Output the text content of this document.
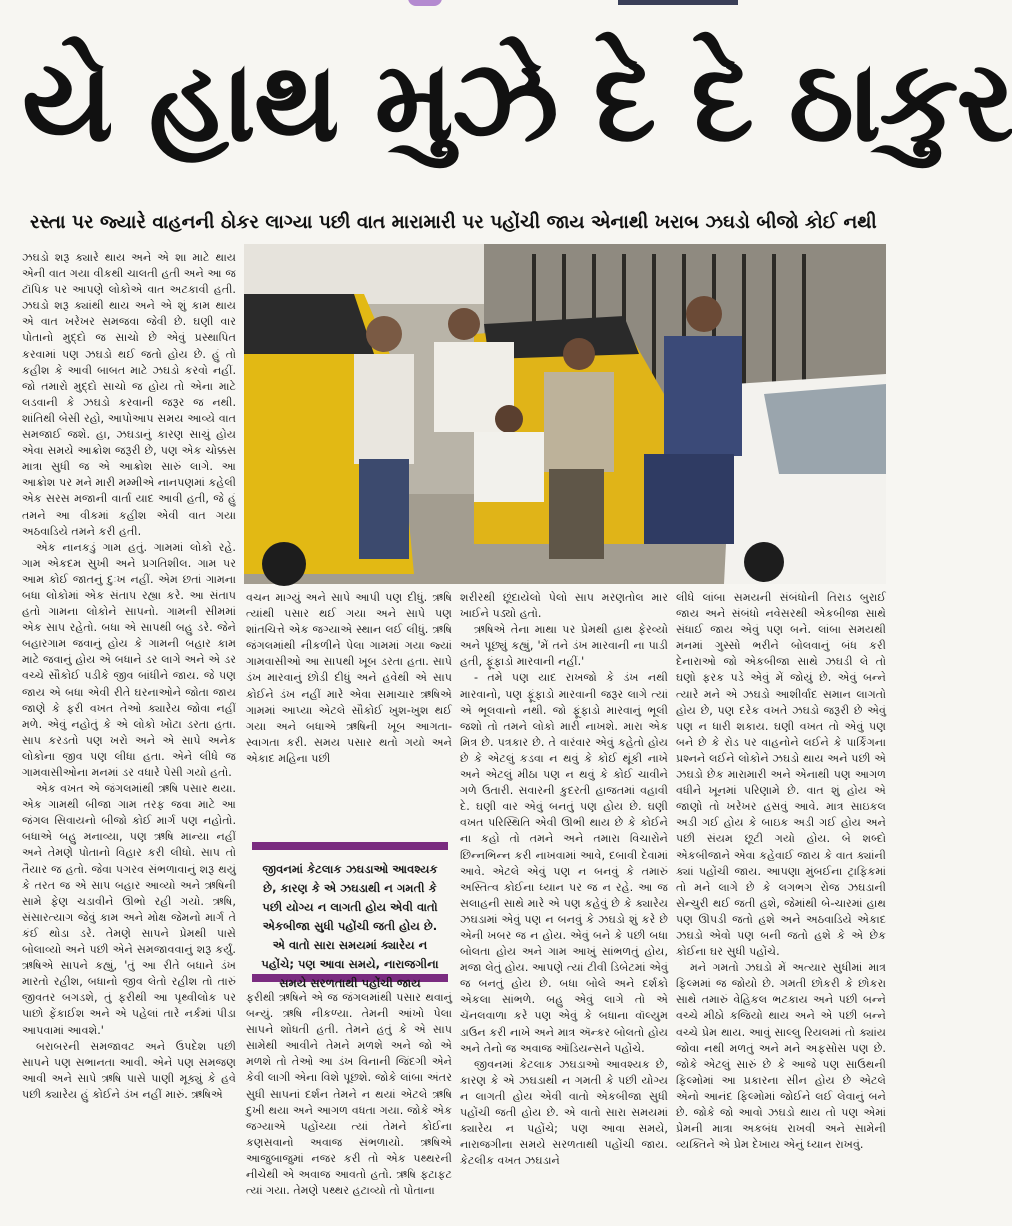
યે હાથ મુઝે દે દે ઠાકુર
રસ્તા પર જ્યારે વાહનની ઠોકર લાગ્યા પછી વાત મારામારી પર પહોંચી જાય એનાથી ખરાબ ઝઘડો બીજો કોઈ નથી

ઝઘડો શરૂ ક્યારે થાય અને એ શા માટે થાય એની વાત ગયા વીકથી ચાલતી હતી અને આ જ ટૉપિક પર આપણે લોકોએ વાત અટકાવી હતી. ઝઘડો શરૂ ક્યાંથી થાય અને એ શું કામ થાય એ વાત ખરેખર સમજવા જેવી છે. ઘણી વાર પોતાનો મુદ્દો જ સાચો છે એવું પ્રસ્થાપિત કરવામાં પણ ઝઘડો થઈ જતો હોય છે. હું તો કહીશ કે આવી બાબત માટે ઝઘડો કરવો નહીં. જો તમારો મુદ્દો સાચો જ હોય તો એના માટે લડવાની કે ઝઘડો કરવાની જરૂર જ નથી. શાંતિથી બેસી રહો, આપોઆપ સમય આવ્યે વાત સમજાઈ જશે. હા, ઝઘડાનું કારણ સાચું હોય એવા સમયે આક્રોશ જરૂરી છે, પણ એક ચોક્કસ માત્રા સુધી જ એ આક્રોશ સારું લાગે. આ આક્રોશ પર મને મારી મમ્મીએ નાનપણમાં કહેલી એક સરસ મજાની વાર્તા યાદ આવી હતી, જે હું તમને આ વીકમાં કહીશ એવી વાત ગયા અઠવાડિયે તમને કરી હતી.

એક નાનકડું ગામ હતું. ગામમાં લોકો રહે. ગામ એકદમ સુખી અને પ્રગતિશીલ. ગામ પર આમ કોઈ જાતનું દુઃખ નહીં. એમ છતાં ગામના બધા લોકોમાં એક સંતાપ રહ્યા કરે. આ સંતાપ હતો ગામના લોકોને સાપનો. ગામની સીમમાં એક સાપ રહેતો. બધા એ સાપથી બહુ ડરે. જેને બહારગામ જવાનું હોય કે ગામની બહાર કામ માટે જવાનું હોય એ બધાને ડર લાગે અને એ ડર વચ્ચે સૌકોઈ પડીકે જીવ બાંધીને જાય. જે પણ જાય એ બધા એવી રીતે ઘરનાઓને જોતા જાય જાણે કે ફરી વખત તેઓ ક્યારેય જોવા નહીં મળે. એવું નહોતું કે એ લોકો ખોટા ડરતા હતા. સાપ કરડતો પણ ખરો અને એ સાપે અનેક લોકોના જીવ પણ લીધા હતા. એને લીધે જ ગામવાસીઓના મનમાં ડર વધારે પેસી ગયો હતો.

એક વખત એ જંગલમાંથી ઋષિ પસાર થયા. એક ગામથી બીજા ગામ તરફ જવા માટે આ જંગલ સિવાયનો બીજો કોઈ માર્ગ પણ નહોતો. બધાએ બહુ મનાવ્યા, પણ ઋષિ માન્યા નહીં અને તેમણે પોતાનો વિહાર કરી લીધો. સાપ તો તૈયાર જ હતો. જેવા પગરવ સંભળાવાનું શરૂ થયું કે તરત જ એ સાપ બહાર આવ્યો અને ઋષિની સામે ફેણ ચડાવીને ઊભો રહી ગયો. ઋષિ, સંસારત્યાગ જેવું કામ અને મોક્ષ જેમનો માર્ગ તે કંઈ થોડા ડરે. તેમણે સાપને પ્રેમથી પાસે બોલાવ્યો અને પછી એને સમજાવવાનું શરૂ કર્યું. ઋષિએ સાપને કહ્યું, 'તું આ રીતે બધાને ડંખ મારતો રહીશ, બધાનો જીવ લેતો રહીશ તો તારું જીવતર બગડશે, તું ફરીથી આ પૃથ્વીલોક પર પાછો ફેંકાઈશ અને એ પહેલાં તારે નર્કમાં પીડા આપવામાં આવશે.'

બરાબરની સમજાવટ અને ઉપદેશ પછી સાપને પણ સભાનતા આવી. એને પણ સમજણ આવી અને સાપે ઋષિ પાસે પાણી મૂક્યું કે હવે પછી ક્યારેય હું કોઈને ડંખ નહીં મારું. ઋષિએ

વચન માગ્યું અને સાપે આપી પણ દીધું. ઋષિ ત્યાંથી પસાર થઈ ગયા અને સાપે પણ શાંતચિત્તે એક જગ્યાએ સ્થાન લઈ લીધું. ઋષિ જંગલમાંથી નીકળીને પેલા ગામમાં ગયા જ્યાં ગામવાસીઓ આ સાપથી ખૂબ ડરતા હતા. સાપે ડંખ મારવાનું છોડી દીધું અને હવેથી એ સાપ કોઈને ડંખ નહીં મારે એવા સમાચાર ઋષિએ ગામમાં આપ્યા એટલે સૌકોઈ ખુશ-ખુશ થઈ ગયા અને બધાએ ઋષિની ખૂબ આગતા-સ્વાગતા કરી. સમય પસાર થતો ગયો અને એકાદ મહિના પછી

જીવનમાં કેટલાક ઝઘડાઓ આવશ્યક છે, કારણ કે એ ઝઘડાથી ન ગમતી કે પછી યોગ્ય ન લાગતી હોય એવી વાતો એકબીજા સુધી પહોંચી જતી હોય છે. એ વાતો સારા સમયમાં ક્યારેય ન પહોંચે; પણ આવા સમયે, નારાજગીના સમયે સરળતાથી પહોંચી જાય

ફરીથી ઋષિને એ જ જંગલમાંથી પસાર થવાનું બન્યું. ઋષિ નીકળ્યા. તેમની આંખો પેલા સાપને શોધતી હતી. તેમને હતું કે એ સાપ સામેથી આવીને તેમને મળશે અને જો એ મળશે તો તેઓ આ ડંખ વિનાની જિંદગી એને કેવી લાગી એના વિશે પૂછશે. જોકે લાંબા અંતર સુધી સાપનાં દર્શન તેમને ન થયાં એટલે ઋષિ દુખી થયા અને આગળ વધતા ગયા. જોકે એક જગ્યાએ પહોંચ્યા ત્યાં તેમને કોઈના કણસવાનો અવાજ સંભળાયો. ઋષિએ આજુબાજુમાં નજર કરી તો એક પથ્થરની નીચેથી એ અવાજ આવતો હતો. ઋષિ ફટાફટ ત્યાં ગયા. તેમણે પથ્થર હટાવ્યો તો પોતાના

શરીરથી છૂંદાયેલો પેલો સાપ મરણતોલ માર ખાઈને પડ્યો હતો.

ઋષિએ તેના માથા પર પ્રેમથી હાથ ફેરવ્યો અને પૂછ્યું કહ્યું, 'મેં તને ડંખ મારવાની ના પાડી હતી, ફૂંફાડો મારવાની નહીં.'

- તમે પણ યાદ રાખજો કે ડંખ નથી મારવાનો, પણ ફૂંફાડો મારવાની જરૂર લાગે ત્યાં એ ભૂલવાનો નથી. જો ફૂંફાડો મારવાનું ભૂલી જશો તો તમને લોકો મારી નાખશે. મારા એક મિત્ર છે. પત્રકાર છે. તે વારંવાર એવું કહેતો હોય છે કે એટલું કડવા ન થવું કે કોઈ થૂંકી નાખે અને એટલું મીઠા પણ ન થવું કે કોઈ ચાવીને ગળે ઉતારી. સવારની કુદરતી હાજતમાં વહાવી દે. ઘણી વાર એવું બનતું પણ હોય છે. ઘણી વખત પરિસ્થિતિ એવી ઊભી થાય છે કે કોઈને ના કહો તો તમને અને તમારા વિચારોને છિન્નભિન્ન કરી નાખવામાં આવે, દબાવી દેવામાં આવે. એટલે એવું પણ ન બનવું કે તમારું અસ્તિત્વ કોઈના ધ્યાન પર જ ન રહે. આ જ સલાહની સાથે મારે એ પણ કહેવું છે કે ક્યારેય ઝઘડામાં એવું પણ ન બનવું કે ઝઘડો શું કરે છે એની ખબર જ ન હોય. એવું બને કે પછી બધા બોલતા હોય અને ગામ આખું સાંભળતું હોય, મજા લેતું હોય. આપણે ત્યાં ટીવી ડિબેટમાં એવું જ બનતું હોય છે. બધા બોલે અને દર્શકો એકલા સાંભળે. બહુ એવું લાગે તો એ ચૅનલવાળા કરે પણ એવું કે બધાના વૉલ્યુમ ડાઉન કરી નાખે અને માત્ર ઍન્કર બોલતો હોય અને તેનો જ અવાજ ઑડિયન્સને પહોંચે.

જીવનમાં કેટલાક ઝઘડાઓ આવશ્યક છે, કારણ કે એ ઝઘડાથી ન ગમતી કે પછી યોગ્ય ન લાગતી હોય એવી વાતો એકબીજા સુધી પહોંચી જતી હોય છે. એ વાતો સારા સમયમાં ક્યારેય ન પહોંચે; પણ આવા સમયે, નારાજગીના સમયે સરળતાથી પહોંચી જાય. કેટલીક વખત ઝઘડાને

લીધે લાંબા સમયની સંબંધોની તિરાડ બુરાઈ જાય અને સંબંધો નવેસરથી એકબીજા સાથે સંધાઈ જાય એવું પણ બને. લાંબા સમયથી મનમાં ગુસ્સો ભરીને બોલવાનું બંધ કરી દેનારાઓ જો એકબીજા સાથે ઝઘડી લે તો ઘણો ફરક પડે એવું મેં જોયું છે. એવું બન્ને ત્યારે મને એ ઝઘડો આશીર્વાદ સમાન લાગતો હોય છે, પણ દરેક વખતે ઝઘડો જરૂરી છે એવું પણ ન ધારી શકાય. ઘણી વખત તો એવું પણ બને છે કે રોડ પર વાહનોને લઈને કે પાર્કિંગના પ્રશ્નને લઈને લોકોને ઝઘડો થાય અને પછી એ ઝઘડો છેક મારામારી અને એનાથી પણ આગળ વધીને ખૂનમાં પરિણામે છે. વાત શું હોય એ જાણો તો ખરેખર હસવું આવે. માત્ર સાઇકલ અડી ગઈ હોય કે બાઇક અડી ગઈ હોય અને પછી સંયમ છૂટી ગયો હોય. બે શબ્દો એકબીજાને એવા કહેવાઈ જાય કે વાત ક્યાંની ક્યાં પહોંચી જાય. આપણા મુંબઈના ટ્રાફિકમાં તો મને લાગે છે કે લગભગ રોજ ઝઘડાની સેન્ચુરી થઈ જતી હશે, જેમાંથી બે-ચારમાં હાથ પણ ઊપડી જતો હશે અને અઠવાડિયે એકાદ ઝઘડો એવો પણ બની જતો હશે કે એ છેક કોઈના ઘર સુધી પહોંચે.

મને ગમતો ઝઘડો મેં અત્યાર સુધીમાં માત્ર ફિલ્મમાં જ જોયો છે. ગમતી છોકરી કે છોકરા સાથે તમારું વેહિકલ ભટકાય અને પછી બન્ને વચ્ચે મીઠો કજિયો થાય અને એ પછી બન્ને વચ્ચે પ્રેમ થાય. આવું સાલ્લુ રિયલમાં તો ક્યાંય જોવા નથી મળતું અને મને અફસોસ પણ છે. જોકે એટલું સારું છે કે આજે પણ સાઉથની ફિલ્મોમાં આ પ્રકારના સીન હોય છે એટલે એનો આનંદ ફિલ્મોમાં જોઈને લઈ લેવાનું બને છે. જોકે જો આવો ઝઘડો થાય તો પણ એમાં પ્રેમની માત્રા અકબંધ રાખવી અને સામેની વ્યક્તિને એ પ્રેમ દેખાય એનું ધ્યાન રાખવું.
